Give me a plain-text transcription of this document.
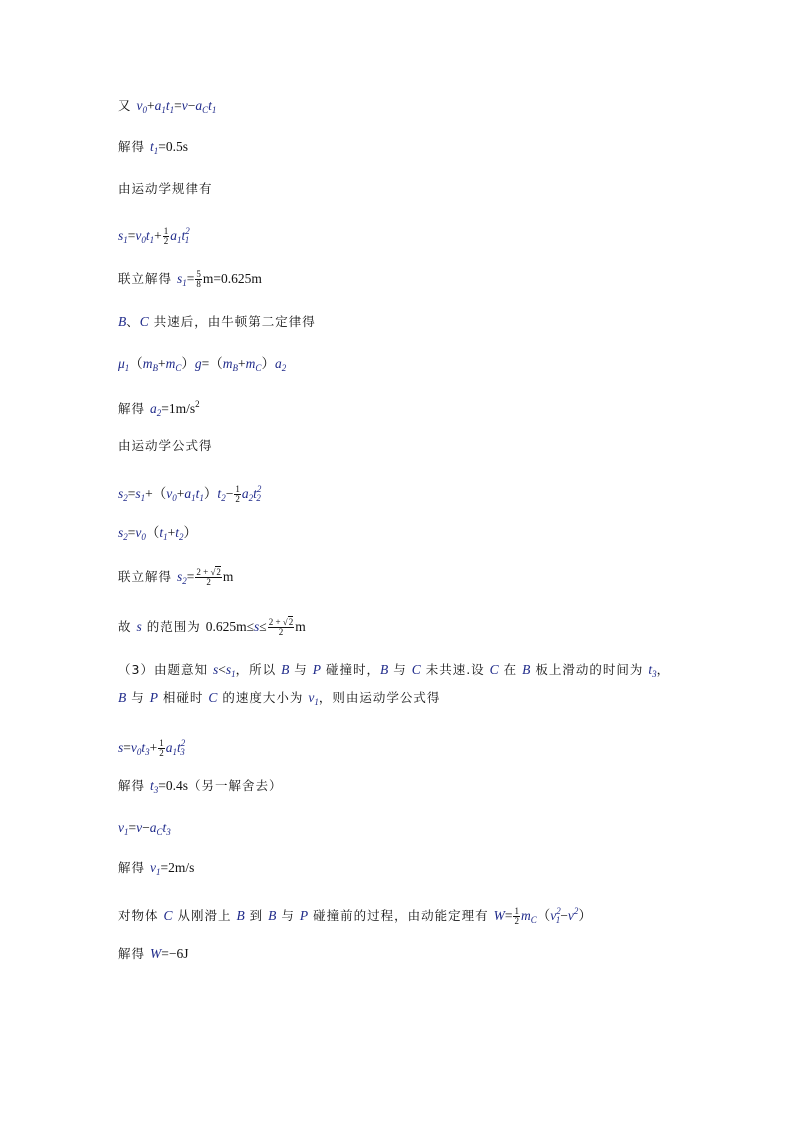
又 $v_0+a_1t_1=v-a_Ct_1$
解得 $t_1=0.5s$
由运动学规律有
$s_1=v_0t_1+ \frac{1}{2} a_1t^2_1$
联立解得 $s_1= \frac{5}{8} m=0.625m$
B、C 共速后，由牛顿第二定律得
$\mu_1(m_B+m_C)g=(m_B+m_C)a_2$
解得 $a_2=1m/s^2$
由运动学公式得
$s_2=s_1+(v_0+a_1t_1)t_2- \frac{1}{2} a_2t^2_2$
$s_2=v_0(t_1+t_2)$
联立解得 $s_2= \frac{2 + √2}{2}$ m
故 s 的范围为 $0.625m\le s\le \frac{2 + √2}{2}$ m
（3）由题意知 $s<s_1$，所以 B 与 P 碰撞时，B 与 C 未共速.设 C 在 B 板上滑动的时间为 $t_3$，
B 与 P 相碰时 C 的速度大小为 $v_1$，则由运动学公式得
$s=v_0t_3+ \frac{1}{2} a_1t^2_3$
解得 $t_3=0.4s$（另一解舍去）
$v_1=v-a_Ct_3$
解得 $v_1=2m/s$
对物体 C 从刚滑上 B 到 B 与 P 碰撞前的过程，由动能定理有 $W= \frac{1}{2} m_C(v^2_1-v^2)$
解得 W=−6J
